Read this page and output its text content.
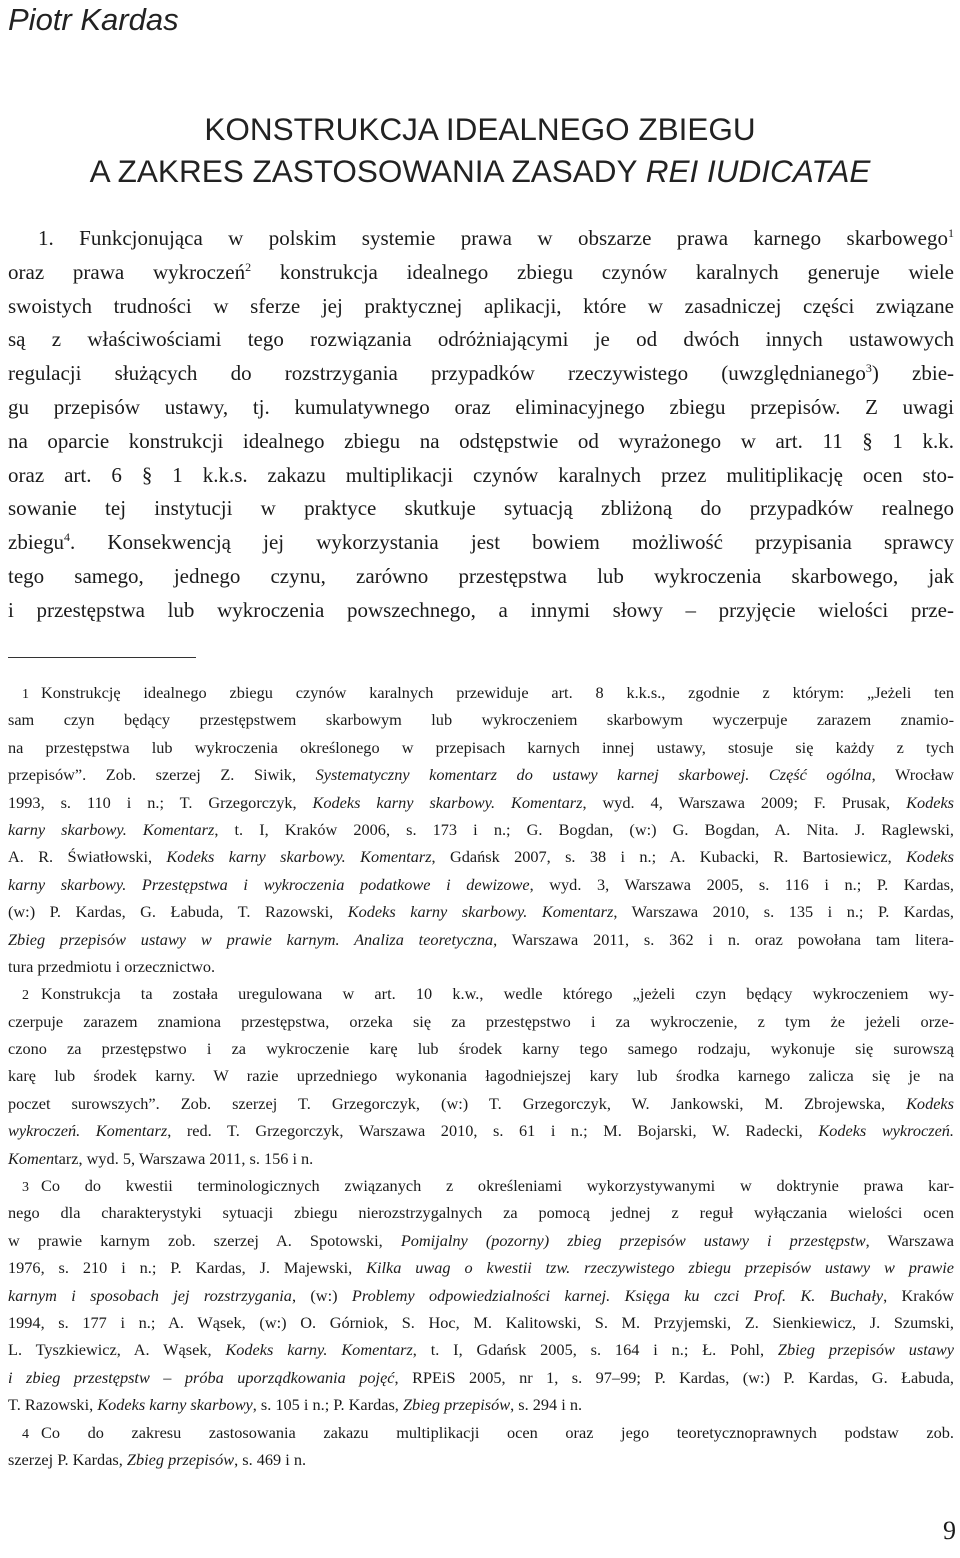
Piotr Kardas
KONSTRUKCJA IDEALNEGO ZBIEGU
A ZAKRES ZASTOSOWANIA ZASADY REI IUDICATAE
1. Funkcjonująca w polskim systemie prawa w obszarze prawa karnego skarbowego$^1$
oraz prawa wykroczeń$^2$ konstrukcja idealnego zbiegu czynów karalnych generuje wiele
swoistych trudności w sferze jej praktycznej aplikacji, które w zasadniczej części związane
są z właściwościami tego rozwiązania odróżniającymi je od dwóch innych ustawowych
regulacji służących do rozstrzygania przypadków rzeczywistego (uwzględnianego$^3$) zbie-
gu przepisów ustawy, tj. kumulatywnego oraz eliminacyjnego zbiegu przepisów. Z uwagi
na oparcie konstrukcji idealnego zbiegu na odstępstwie od wyrażonego w art. 11 § 1 k.k.
oraz art. 6 § 1 k.k.s. zakazu multiplikacji czynów karalnych przez mulitiplikację ocen sto-
sowanie tej instytucji w praktyce skutkuje sytuacją zbliżoną do przypadków realnego
zbiegu$^4$. Konsekwencją jej wykorzystania jest bowiem możliwość przypisania sprawcy
tego samego, jednego czynu, zarówno przestępstwa lub wykroczenia skarbowego, jak
i przestępstwa lub wykroczenia powszechnego, a innymi słowy – przyjęcie wielości prze-
1 Konstrukcję idealnego zbiegu czynów karalnych przewiduje art. 8 k.k.s., zgodnie z którym: „Jeżeli ten
sam czyn będący przestępstwem skarbowym lub wykroczeniem skarbowym wyczerpuje zarazem znamio-
na przestępstwa lub wykroczenia określonego w przepisach karnych innej ustawy, stosuje się każdy z tych
przepisów”. Zob. szerzej Z. Siwik, Systematyczny komentarz do ustawy karnej skarbowej. Część ogólna, Wrocław
1993, s. 110 i n.; T. Grzegorczyk, Kodeks karny skarbowy. Komentarz, wyd. 4, Warszawa 2009; F. Prusak, Kodeks
karny skarbowy. Komentarz, t. I, Kraków 2006, s. 173 i n.; G. Bogdan, (w:) G. Bogdan, A. Nita. J. Raglewski,
A. R. Światłowski, Kodeks karny skarbowy. Komentarz, Gdańsk 2007, s. 38 i n.; A. Kubacki, R. Bartosiewicz, Kodeks
karny skarbowy. Przestępstwa i wykroczenia podatkowe i dewizowe, wyd. 3, Warszawa 2005, s. 116 i n.; P. Kardas,
(w:) P. Kardas, G. Łabuda, T. Razowski, Kodeks karny skarbowy. Komentarz, Warszawa 2010, s. 135 i n.; P. Kardas,
Zbieg przepisów ustawy w prawie karnym. Analiza teoretyczna, Warszawa 2011, s. 362 i n. oraz powołana tam litera-
tura przedmiotu i orzecznictwo.
2 Konstrukcja ta została uregulowana w art. 10 k.w., wedle którego „jeżeli czyn będący wykroczeniem wy-
czerpuje zarazem znamiona przestępstwa, orzeka się za przestępstwo i za wykroczenie, z tym że jeżeli orze-
czono za przestępstwo i za wykroczenie karę lub środek karny tego samego rodzaju, wykonuje się surowszą
karę lub środek karny. W razie uprzedniego wykonania łagodniejszej kary lub środka karnego zalicza się je na
poczet surowszych”. Zob. szerzej T. Grzegorczyk, (w:) T. Grzegorczyk, W. Jankowski, M. Zbrojewska, Kodeks
wykroczeń. Komentarz, red. T. Grzegorczyk, Warszawa 2010, s. 61 i n.; M. Bojarski, W. Radecki, Kodeks wykroczeń.
Komentarz, wyd. 5, Warszawa 2011, s. 156 i n.
3 Co do kwestii terminologicznych związanych z określeniami wykorzystywanymi w doktrynie prawa kar-
nego dla charakterystyki sytuacji zbiegu nierozstrzygalnych za pomocą jednej z reguł wyłączania wielości ocen
w prawie karnym zob. szerzej A. Spotowski, Pomijalny (pozorny) zbieg przepisów ustawy i przestępstw, Warszawa
1976, s. 210 i n.; P. Kardas, J. Majewski, Kilka uwag o kwestii tzw. rzeczywistego zbiegu przepisów ustawy w prawie
karnym i sposobach jej rozstrzygania, (w:) Problemy odpowiedzialności karnej. Księga ku czci Prof. K. Buchały, Kraków
1994, s. 177 i n.; A. Wąsek, (w:) O. Górniok, S. Hoc, M. Kalitowski, S. M. Przyjemski, Z. Sienkiewicz, J. Szumski,
L. Tyszkiewicz, A. Wąsek, Kodeks karny. Komentarz, t. I, Gdańsk 2005, s. 164 i n.; Ł. Pohl, Zbieg przepisów ustawy
i zbieg przestępstw – próba uporządkowania pojęć, RPEiS 2005, nr 1, s. 97–99; P. Kardas, (w:) P. Kardas, G. Łabuda,
T. Razowski, Kodeks karny skarbowy, s. 105 i n.; P. Kardas, Zbieg przepisów, s. 294 i n.
4 Co do zakresu zastosowania zakazu multiplikacji ocen oraz jego teoretycznoprawnych podstaw zob.
szerzej P. Kardas, Zbieg przepisów, s. 469 i n.
9
